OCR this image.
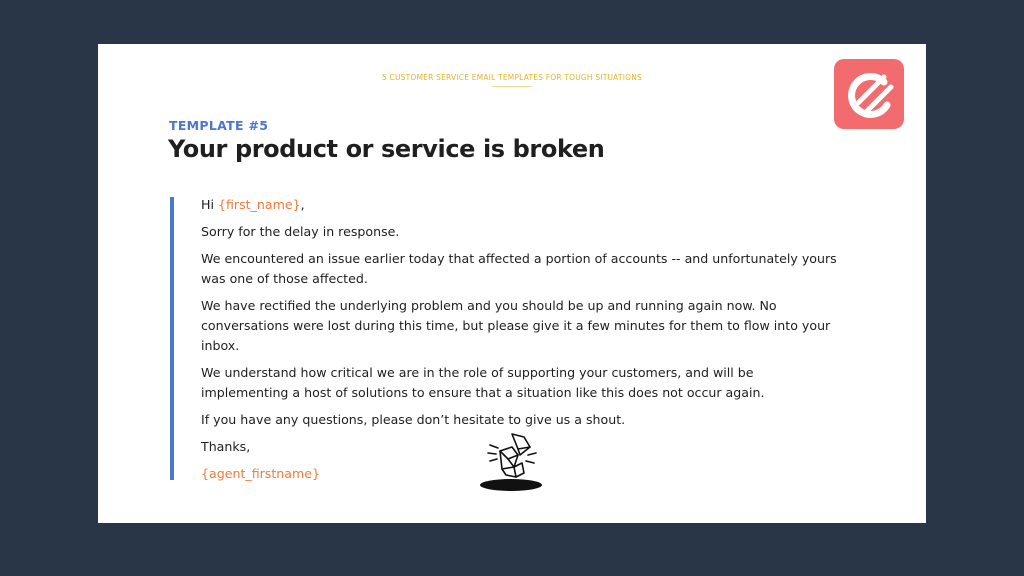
5 CUSTOMER SERVICE EMAIL TEMPLATES FOR TOUGH SITUATIONS
TEMPLATE #5
Your product or service is broken

Hi {first_name},

Sorry for the delay in response.

We encountered an issue earlier today that affected a portion of accounts -- and unfortunately yours was one of those affected.

We have rectified the underlying problem and you should be up and running again now. No conversations were lost during this time, but please give it a few minutes for them to flow into your inbox.

We understand how critical we are in the role of supporting your customers, and will be implementing a host of solutions to ensure that a situation like this does not occur again.

If you have any questions, please don’t hesitate to give us a shout.

Thanks,

{agent_firstname}
